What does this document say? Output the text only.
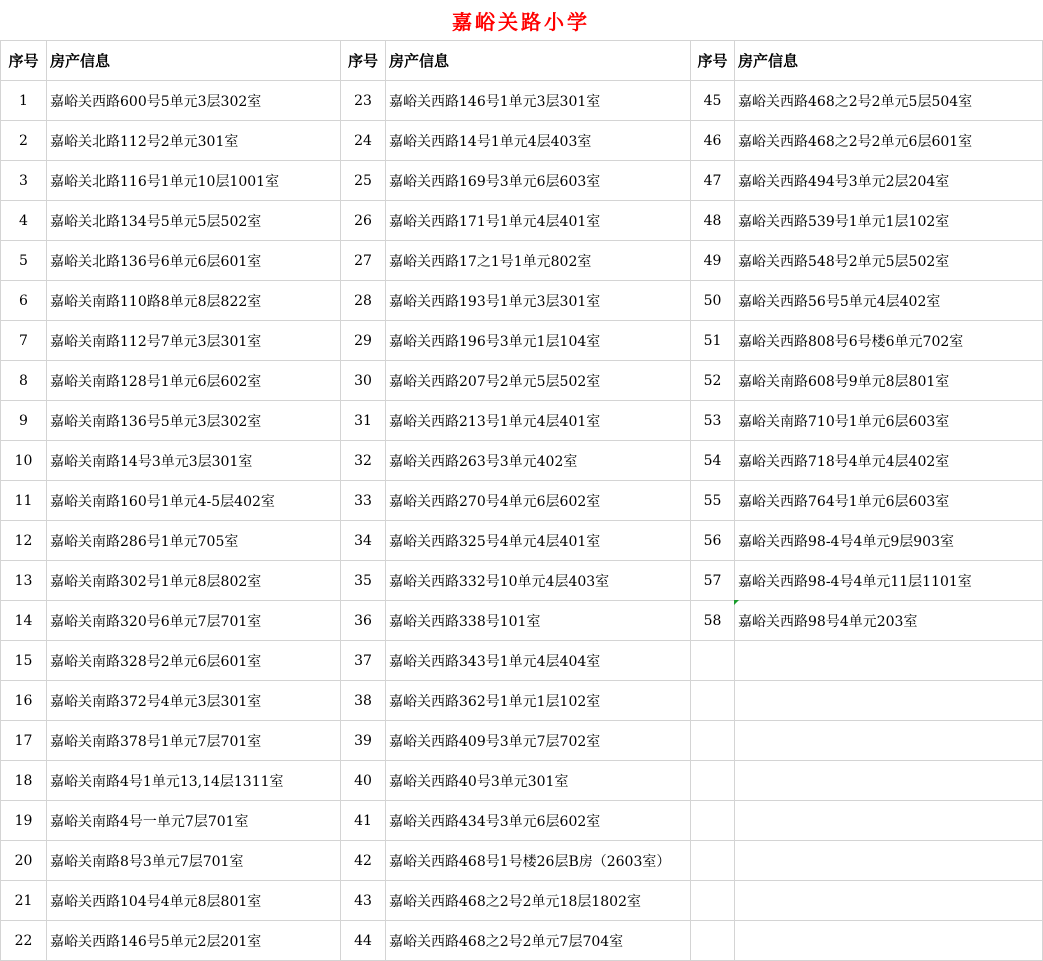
嘉峪关路小学
序号	房产信息
1	嘉峪关西路600号5单元3层302室
2	嘉峪关北路112号2单元301室
3	嘉峪关北路116号1单元10层1001室
4	嘉峪关北路134号5单元5层502室
5	嘉峪关北路136号6单元6层601室
6	嘉峪关南路110路8单元8层822室
7	嘉峪关南路112号7单元3层301室
8	嘉峪关南路128号1单元6层602室
9	嘉峪关南路136号5单元3层302室
10	嘉峪关南路14号3单元3层301室
11	嘉峪关南路160号1单元4-5层402室
12	嘉峪关南路286号1单元705室
13	嘉峪关南路302号1单元8层802室
14	嘉峪关南路320号6单元7层701室
15	嘉峪关南路328号2单元6层601室
16	嘉峪关南路372号4单元3层301室
17	嘉峪关南路378号1单元7层701室
18	嘉峪关南路4号1单元13,14层1311室
19	嘉峪关南路4号一单元7层701室
20	嘉峪关南路8号3单元7层701室
21	嘉峪关西路104号4单元8层801室
22	嘉峪关西路146号5单元2层201室
序号	房产信息
23	嘉峪关西路146号1单元3层301室
24	嘉峪关西路14号1单元4层403室
25	嘉峪关西路169号3单元6层603室
26	嘉峪关西路171号1单元4层401室
27	嘉峪关西路17之1号1单元802室
28	嘉峪关西路193号1单元3层301室
29	嘉峪关西路196号3单元1层104室
30	嘉峪关西路207号2单元5层502室
31	嘉峪关西路213号1单元4层401室
32	嘉峪关西路263号3单元402室
33	嘉峪关西路270号4单元6层602室
34	嘉峪关西路325号4单元4层401室
35	嘉峪关西路332号10单元4层403室
36	嘉峪关西路338号101室
37	嘉峪关西路343号1单元4层404室
38	嘉峪关西路362号1单元1层102室
39	嘉峪关西路409号3单元7层702室
40	嘉峪关西路40号3单元301室
41	嘉峪关西路434号3单元6层602室
42	嘉峪关西路468号1号楼26层B房（2603室）
43	嘉峪关西路468之2号2单元18层1802室
44	嘉峪关西路468之2号2单元7层704室
序号	房产信息
45	嘉峪关西路468之2号2单元5层504室
46	嘉峪关西路468之2号2单元6层601室
47	嘉峪关西路494号3单元2层204室
48	嘉峪关西路539号1单元1层102室
49	嘉峪关西路548号2单元5层502室
50	嘉峪关西路56号5单元4层402室
51	嘉峪关西路808号6号楼6单元702室
52	嘉峪关南路608号9单元8层801室
53	嘉峪关南路710号1单元6层603室
54	嘉峪关西路718号4单元4层402室
55	嘉峪关西路764号1单元6层603室
56	嘉峪关西路98-4号4单元9层903室
57	嘉峪关西路98-4号4单元11层1101室
58	嘉峪关西路98号4单元203室
